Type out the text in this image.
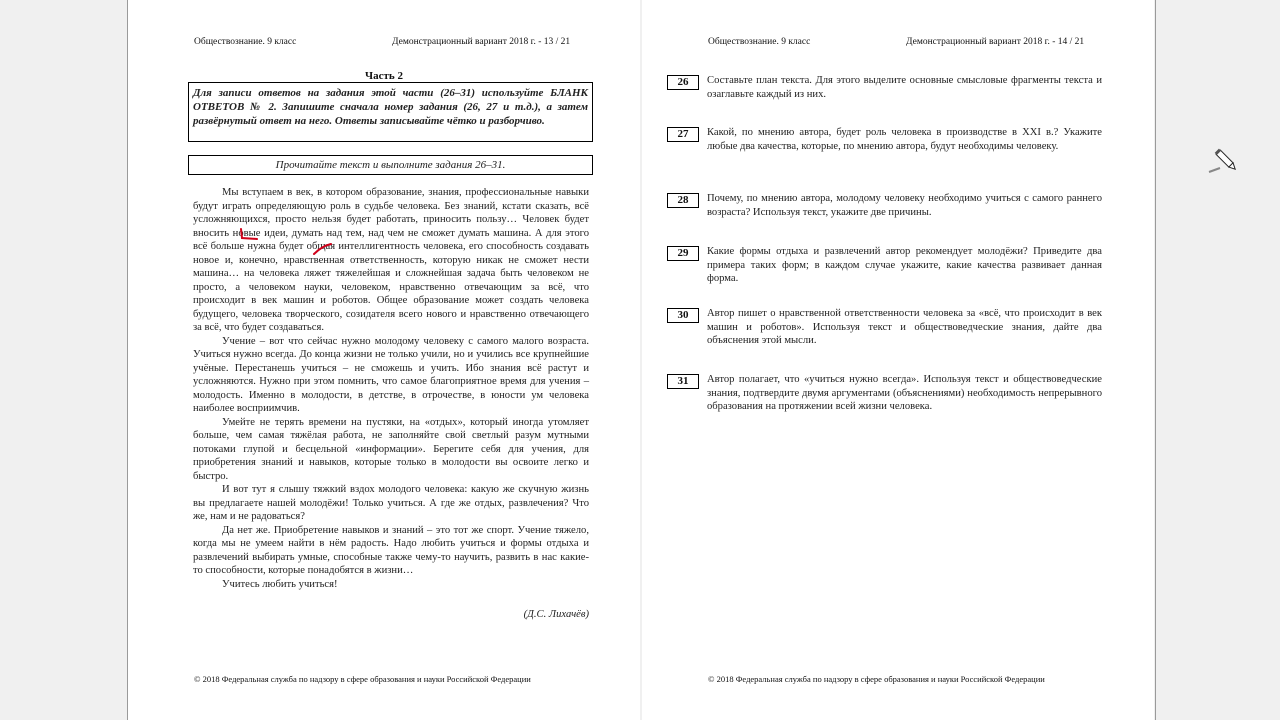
Обществознание. 9 класс	Демонстрационный вариант 2018 г. - 13 / 21
Часть 2
Для записи ответов на задания этой части (26–31) используйте БЛАНК ОТВЕТОВ № 2. Запишите сначала номер задания (26, 27 и т.д.), а затем развёрнутый ответ на него. Ответы записывайте чётко и разборчиво.
Прочитайте текст и выполните задания 26–31.

Мы вступаем в век, в котором образование, знания, профессиональные навыки будут играть определяющую роль в судьбе человека. Без знаний, кстати сказать, всё усложняющихся, просто нельзя будет работать, приносить пользу… Человек будет вносить новые идеи, думать над тем, над чем не сможет думать машина. А для этого всё больше нужна будет общая интеллигентность человека, его способность создавать новое и, конечно, нравственная ответственность, которую никак не сможет нести машина… на человека ляжет тяжелейшая и сложнейшая задача быть человеком не просто, а человеком науки, человеком, нравственно отвечающим за всё, что происходит в век машин и роботов. Общее образование может создать человека будущего, человека творческого, созидателя всего нового и нравственно отвечающего за всё, что будет создаваться.

Учение – вот что сейчас нужно молодому человеку с самого малого возраста. Учиться нужно всегда. До конца жизни не только учили, но и учились все крупнейшие учёные. Перестанешь учиться – не сможешь и учить. Ибо знания всё растут и усложняются. Нужно при этом помнить, что самое благоприятное время для учения – молодость. Именно в молодости, в детстве, в отрочестве, в юности ум человека наиболее восприимчив.

Умейте не терять времени на пустяки, на «отдых», который иногда утомляет больше, чем самая тяжёлая работа, не заполняйте свой светлый разум мутными потоками глупой и бесцельной «информации». Берегите себя для учения, для приобретения знаний и навыков, которые только в молодости вы освоите легко и быстро.

И вот тут я слышу тяжкий вздох молодого человека: какую же скучную жизнь вы предлагаете нашей молодёжи! Только учиться. А где же отдых, развлечения? Что же, нам и не радоваться?

Да нет же. Приобретение навыков и знаний – это тот же спорт. Учение тяжело, когда мы не умеем найти в нём радость. Надо любить учиться и формы отдыха и развлечений выбирать умные, способные также чему-то научить, развить в нас какие-то способности, которые понадобятся в жизни…

Учитесь любить учиться!

(Д.С. Лихачёв)
© 2018 Федеральная служба по надзору в сфере образования и науки Российской Федерации
Обществознание. 9 класс	Демонстрационный вариант 2018 г. - 14 / 21
26	Составьте план текста. Для этого выделите основные смысловые фрагменты текста и озаглавьте каждый из них.
27	Какой, по мнению автора, будет роль человека в производстве в XXI в.? Укажите любые два качества, которые, по мнению автора, будут необходимы человеку.
28	Почему, по мнению автора, молодому человеку необходимо учиться с самого раннего возраста? Используя текст, укажите две причины.
29	Какие формы отдыха и развлечений автор рекомендует молодёжи? Приведите два примера таких форм; в каждом случае укажите, какие качества развивает данная форма.
30	Автор пишет о нравственной ответственности человека за «всё, что происходит в век машин и роботов». Используя текст и обществоведческие знания, дайте два объяснения этой мысли.
31	Автор полагает, что «учиться нужно всегда». Используя текст и обществоведческие знания, подтвердите двумя аргументами (объяснениями) необходимость непрерывного образования на протяжении всей жизни человека.
© 2018 Федеральная служба по надзору в сфере образования и науки Российской Федерации
